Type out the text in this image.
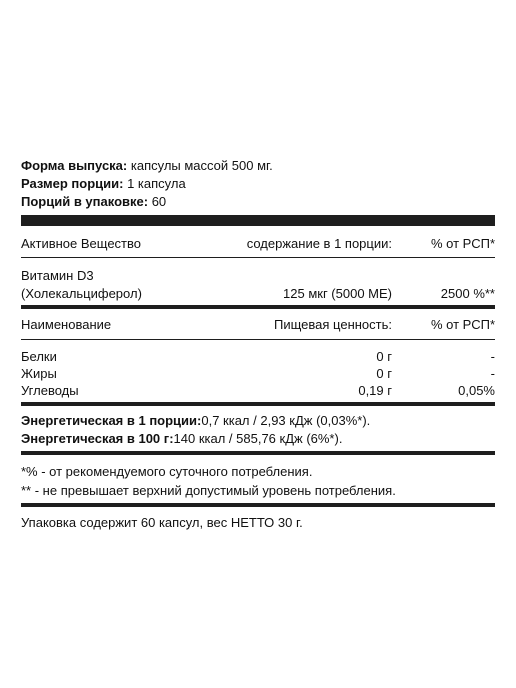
Форма выпуска: капсулы массой 500 мг.
Размер порции: 1 капсула
Порций в упаковке: 60
Активное Вещество	содержание в 1 порции:	% от РСП*
Витамин D3
(Холекальциферол)	125 мкг (5000 МЕ)	2500 %**
Наименование	Пищевая ценность:	% от РСП*
Белки	0 г	-
Жиры	0 г	-
Углеводы	0,19 г	0,05%
Энергетическая в 1 порции:0,7 ккал / 2,93 кДж (0,03%*).
Энергетическая в 100 г:140 ккал / 585,76 кДж (6%*).
*% - от рекомендуемого суточного потребления.
** - не превышает верхний допустимый уровень потребления.
Упаковка содержит 60 капсул, вес НЕТТО 30 г.
